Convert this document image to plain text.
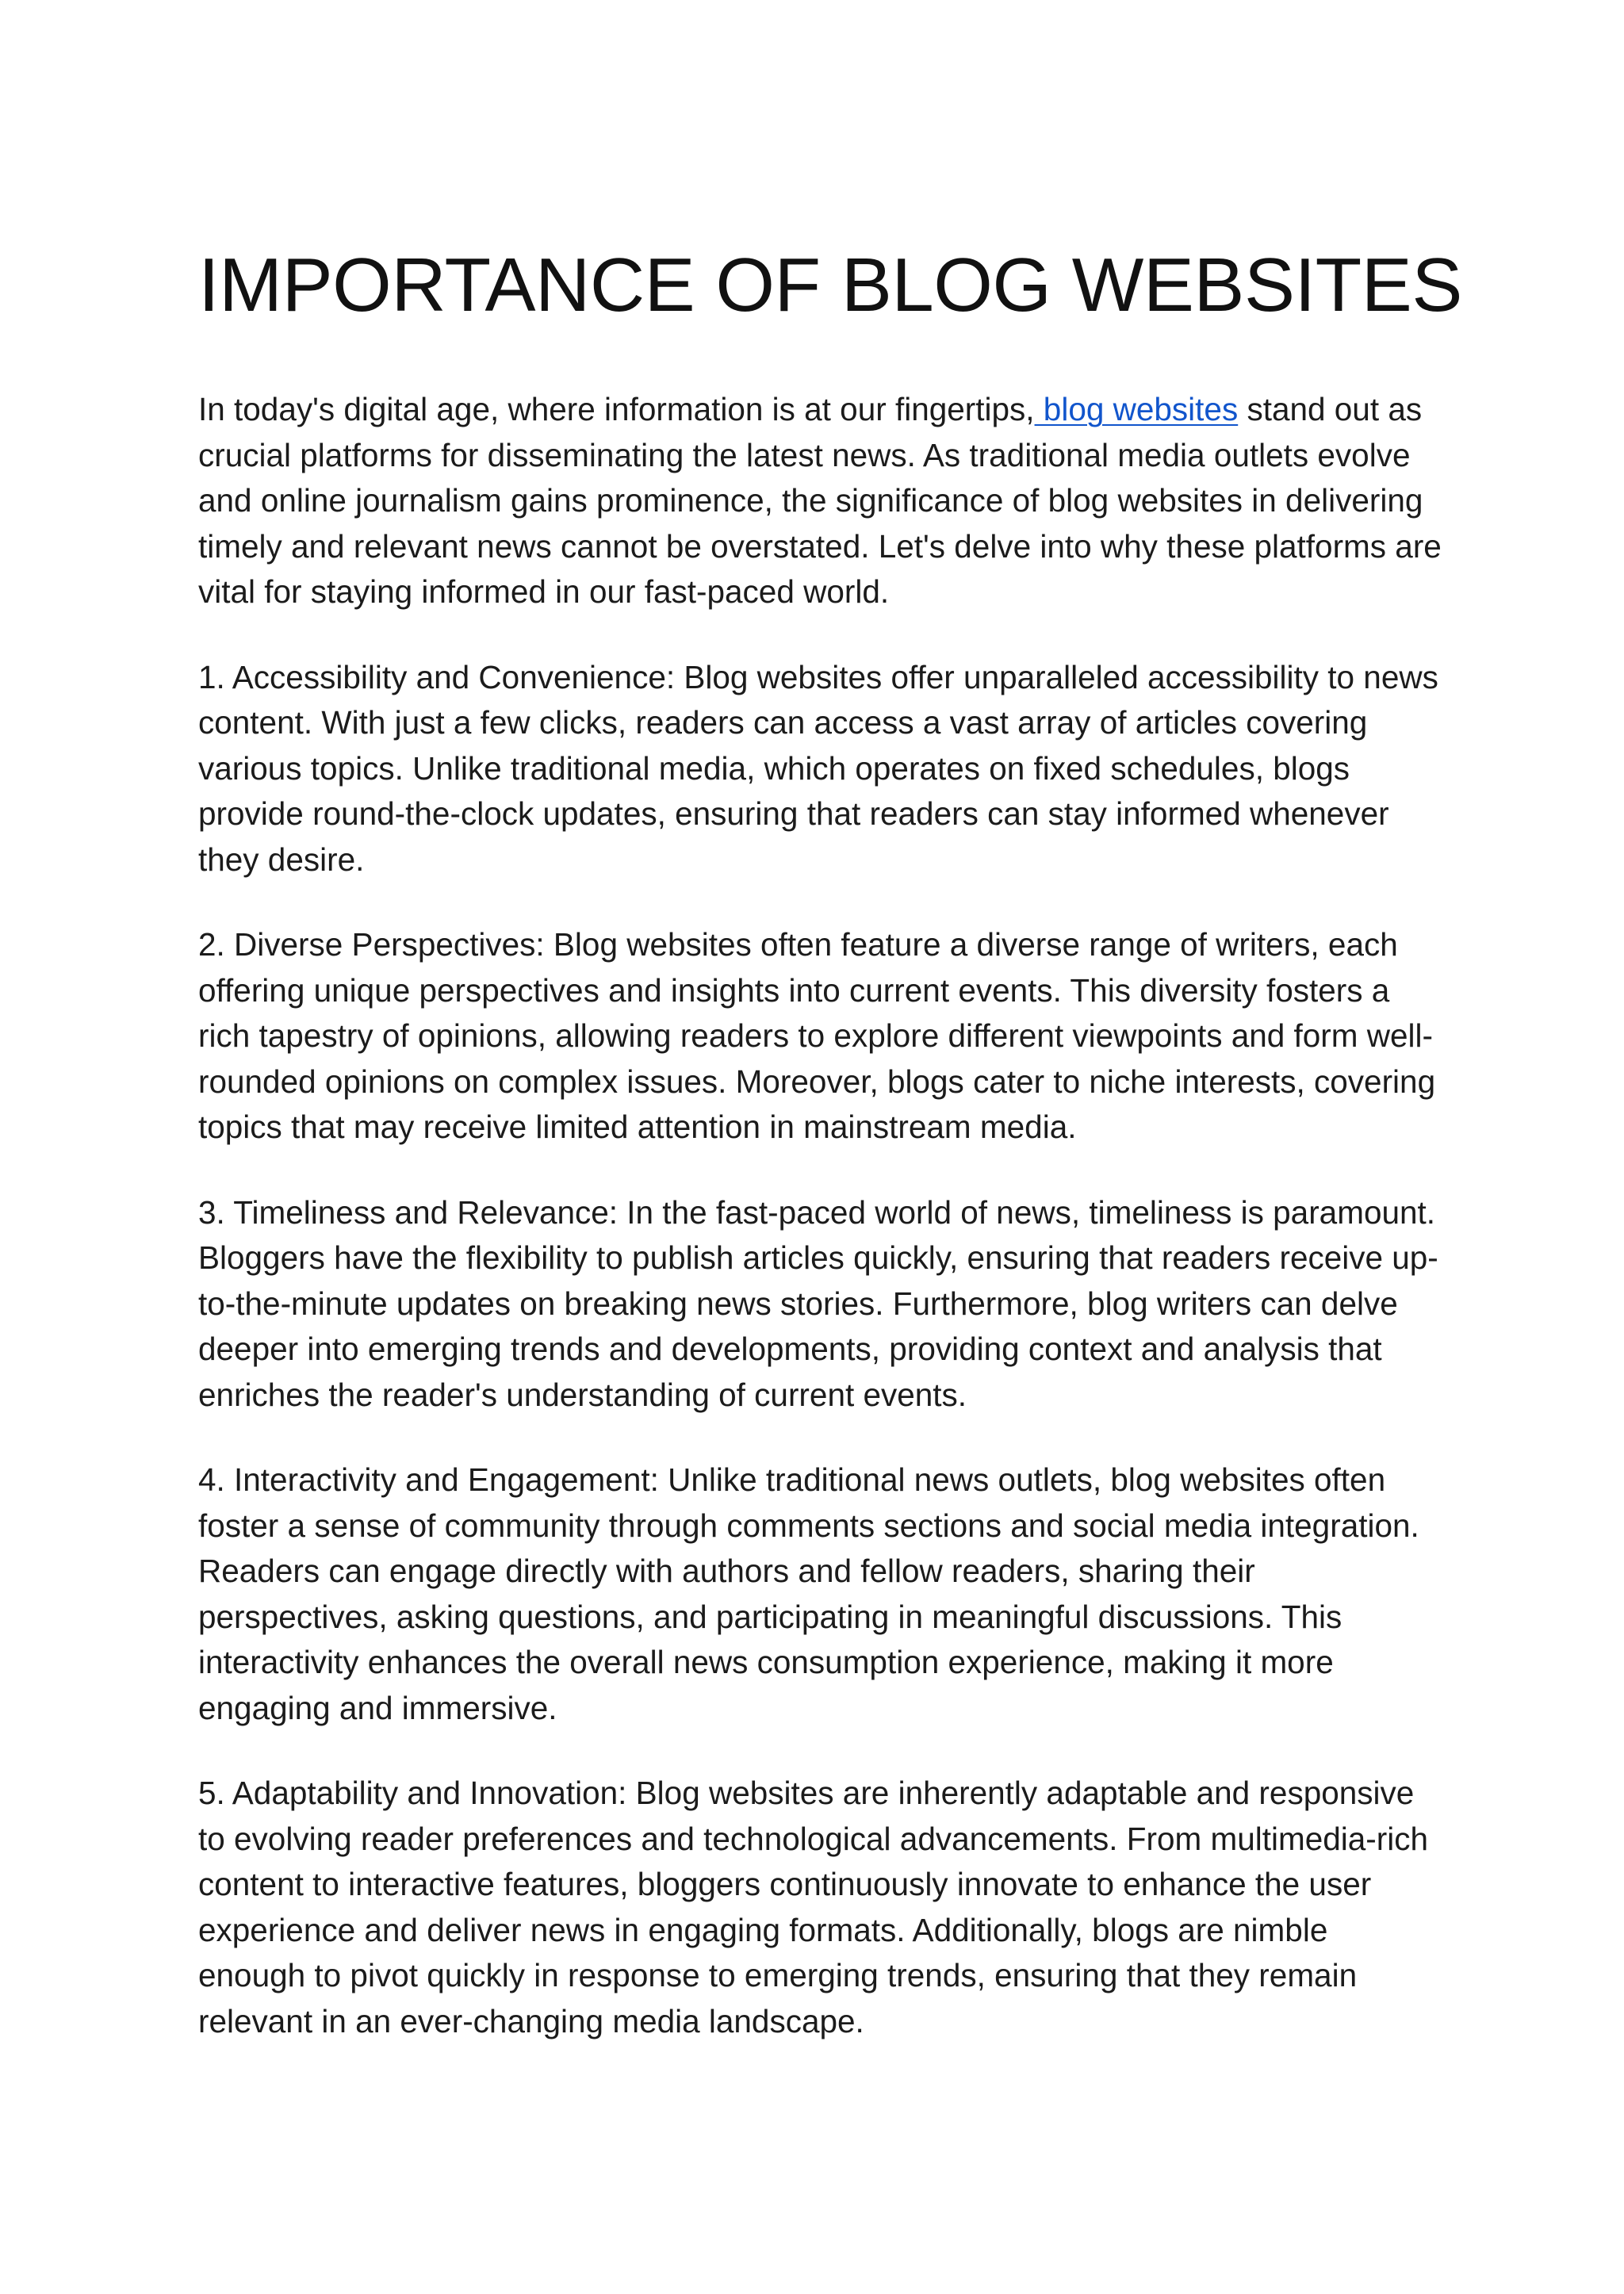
IMPORTANCE OF BLOG WEBSITES

In today's digital age, where information is at our fingertips, blog websites stand out as crucial platforms for disseminating the latest news. As traditional media outlets evolve and online journalism gains prominence, the significance of blog websites in delivering timely and relevant news cannot be overstated. Let's delve into why these platforms are vital for staying informed in our fast-paced world.

1. Accessibility and Convenience: Blog websites offer unparalleled accessibility to news content. With just a few clicks, readers can access a vast array of articles covering various topics. Unlike traditional media, which operates on fixed schedules, blogs provide round-the-clock updates, ensuring that readers can stay informed whenever they desire.

2. Diverse Perspectives: Blog websites often feature a diverse range of writers, each offering unique perspectives and insights into current events. This diversity fosters a rich tapestry of opinions, allowing readers to explore different viewpoints and form well-rounded opinions on complex issues. Moreover, blogs cater to niche interests, covering topics that may receive limited attention in mainstream media.

3. Timeliness and Relevance: In the fast-paced world of news, timeliness is paramount. Bloggers have the flexibility to publish articles quickly, ensuring that readers receive up-to-the-minute updates on breaking news stories. Furthermore, blog writers can delve deeper into emerging trends and developments, providing context and analysis that enriches the reader's understanding of current events.

4. Interactivity and Engagement: Unlike traditional news outlets, blog websites often foster a sense of community through comments sections and social media integration. Readers can engage directly with authors and fellow readers, sharing their perspectives, asking questions, and participating in meaningful discussions. This interactivity enhances the overall news consumption experience, making it more engaging and immersive.

5. Adaptability and Innovation: Blog websites are inherently adaptable and responsive to evolving reader preferences and technological advancements. From multimedia-rich content to interactive features, bloggers continuously innovate to enhance the user experience and deliver news in engaging formats. Additionally, blogs are nimble enough to pivot quickly in response to emerging trends, ensuring that they remain relevant in an ever-changing media landscape.
